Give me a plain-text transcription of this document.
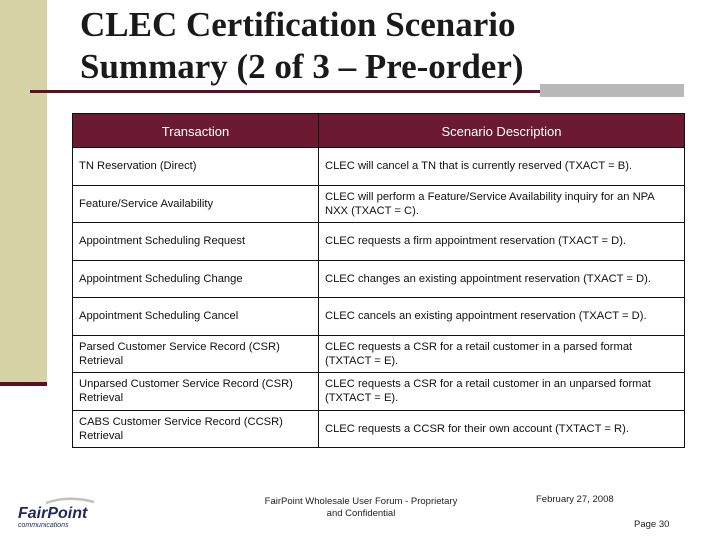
CLEC Certification Scenario
Summary (2 of 3 – Pre-order)
Transaction	Scenario Description
TN Reservation (Direct)	CLEC will cancel a TN that is currently reserved (TXACT = B).
Feature/Service Availability	CLEC will perform a Feature/Service Availability inquiry for an NPA NXX (TXACT = C).
Appointment Scheduling Request	CLEC requests a firm appointment reservation (TXACT = D).
Appointment Scheduling Change	CLEC changes an existing appointment reservation (TXACT = D).
Appointment Scheduling Cancel	CLEC cancels an existing appointment reservation (TXACT = D).
Parsed Customer Service Record (CSR) Retrieval	CLEC requests a CSR for a retail customer in a parsed format (TXTACT = E).
Unparsed Customer Service Record (CSR) Retrieval	CLEC requests a CSR for a retail customer in an unparsed format (TXTACT = E).
CABS Customer Service Record (CCSR) Retrieval	CLEC requests a CCSR for their own account (TXTACT = R).
FairPoint
communications
FairPoint Wholesale User Forum - Proprietary
and Confidential
February 27, 2008
Page 30
